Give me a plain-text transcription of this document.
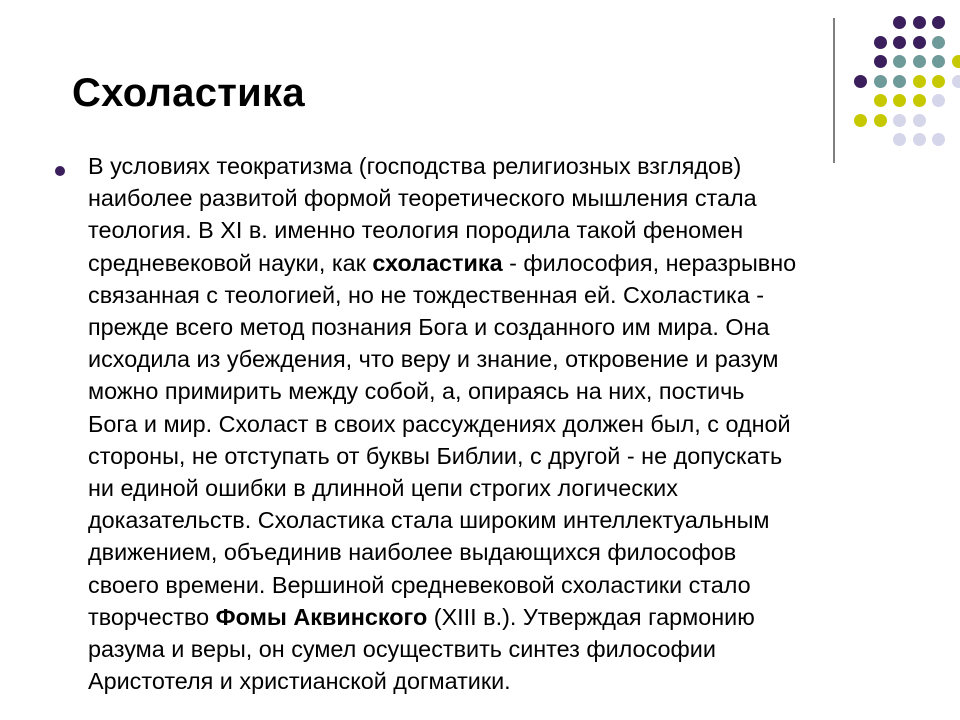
Схоластика

В условиях теократизма (господства религиозных взглядов)
наиболее развитой формой теоретического мышления стала
теология. В XI в. именно теология породила такой феномен
средневековой науки, как схоластика - философия, неразрывно
связанная с теологией, но не тождественная ей. Схоластика -
прежде всего метод познания Бога и созданного им мира. Она
исходила из убеждения, что веру и знание, откровение и разум
можно примирить между собой, а, опираясь на них, постичь
Бога и мир. Схоласт в своих рассуждениях должен был, с одной
стороны, не отступать от буквы Библии, с другой - не допускать
ни единой ошибки в длинной цепи строгих логических
доказательств. Схоластика стала широким интеллектуальным
движением, объединив наиболее выдающихся философов
своего времени. Вершиной средневековой схоластики стало
творчество Фомы Аквинского (XIII в.). Утверждая гармонию
разума и веры, он сумел осуществить синтез философии
Аристотеля и христианской догматики.
